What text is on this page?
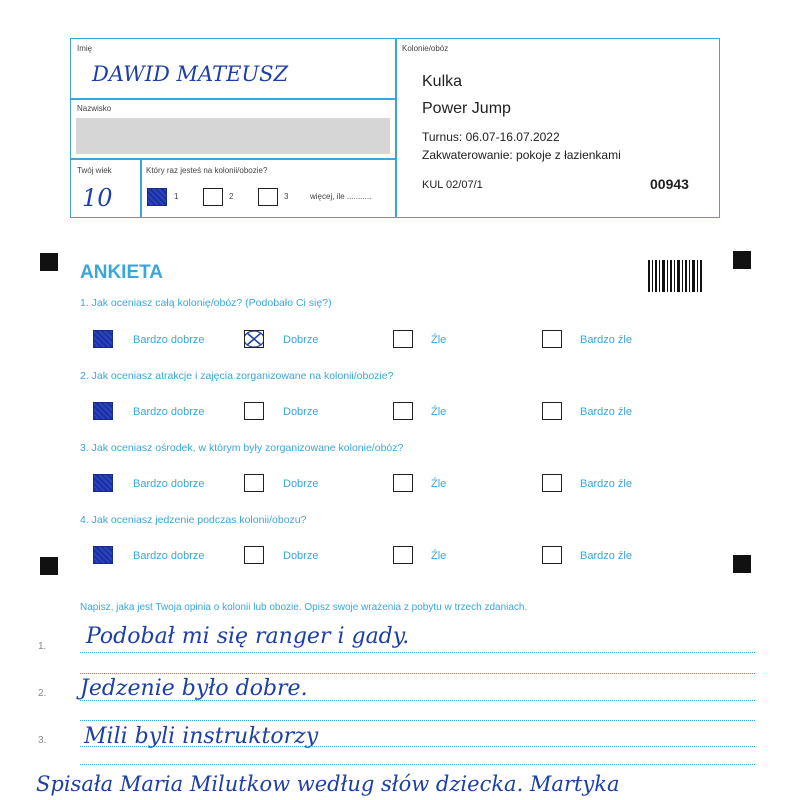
Imię
DAWID MATEUSZ
Nazwisko
Twój wiek
10
Który raz jesteś na kolonii/obozie?
1	2	3	więcej, ile ...........
Kolonie/obóz
Kulka
Power Jump
Turnus: 06.07-16.07.2022
Zakwaterowanie: pokoje z łazienkami
KUL 02/07/1	00943
ANKIETA
1. Jak oceniasz całą kolonię/obóz? (Podobało Ci się?)
Bardzo dobrze	Dobrze	Źle	Bardzo źle
2. Jak oceniasz atrakcje i zajęcia zorganizowane na kolonii/obozie?
Bardzo dobrze	Dobrze	Źle	Bardzo źle
3. Jak oceniasz ośrodek, w którym były zorganizowane kolonie/obóz?
Bardzo dobrze	Dobrze	Źle	Bardzo źle
4. Jak oceniasz jedzenie podczas kolonii/obozu?
Bardzo dobrze	Dobrze	Źle	Bardzo źle
Napisz, jaka jest Twoja opinia o kolonii lub obozie. Opisz swoje wrażenia z pobytu w trzech zdaniach.
1. Podobał mi się ranger i gady.
2. Jedzenie było dobre.
3. Mili byli instruktorzy
Spisała Maria Milutkow według słów dziecka. Martyka
